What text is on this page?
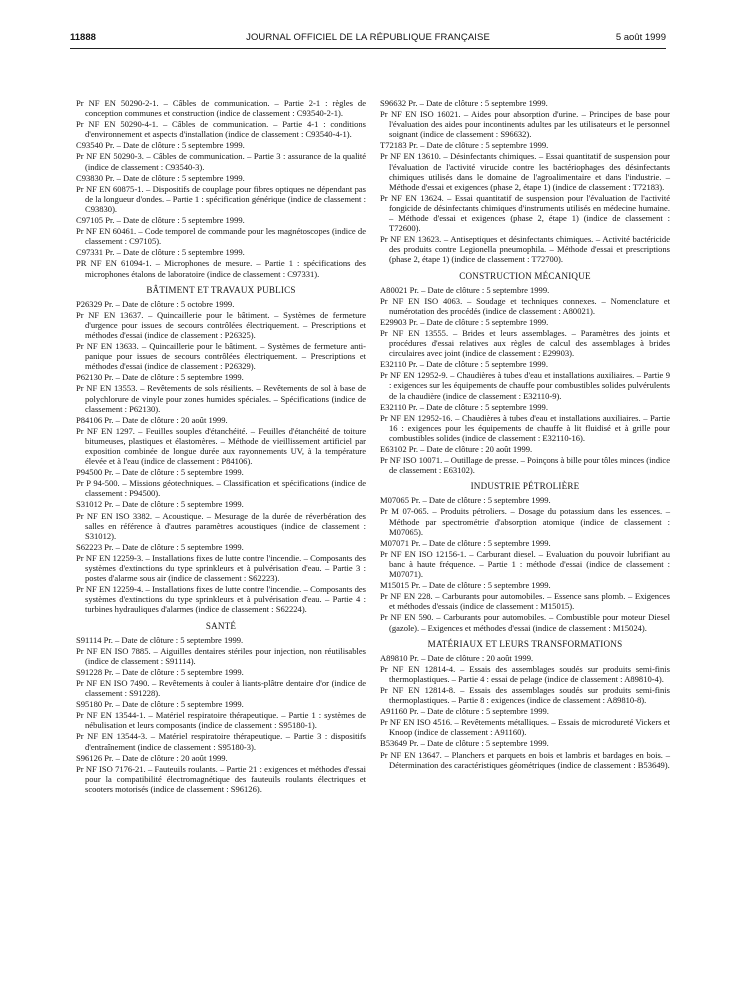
11888	JOURNAL OFFICIEL DE LA RÉPUBLIQUE FRANÇAISE	5 août 1999
Pr NF EN 50290-2-1. – Câbles de communication. – Partie 2-1 : règles de conception communes et construction (indice de classement : C93540-2-1).
Pr NF EN 50290-4-1. – Câbles de communication. – Partie 4-1 : conditions d'environnement et aspects d'installation (indice de classement : C93540-4-1).
C93540 Pr. – Date de clôture : 5 septembre 1999.
Pr NF EN 50290-3. – Câbles de communication. – Partie 3 : assurance de la qualité (indice de classement : C93540-3).
C93830 Pr. – Date de clôture : 5 septembre 1999.
Pr NF EN 60875-1. – Dispositifs de couplage pour fibres optiques ne dépendant pas de la longueur d'ondes. – Partie 1 : spécification générique (indice de classement : C93830).
C97105 Pr. – Date de clôture : 5 septembre 1999.
Pr NF EN 60461. – Code temporel de commande pour les magnétoscopes (indice de classement : C97105).
C97331 Pr. – Date de clôture : 5 septembre 1999.
PR NF EN 61094-1. – Microphones de mesure. – Partie 1 : spécifications des microphones étalons de laboratoire (indice de classement : C97331).
BÂTIMENT ET TRAVAUX PUBLICS
P26329 Pr. – Date de clôture : 5 octobre 1999.
Pr NF EN 13637. – Quincaillerie pour le bâtiment. – Systèmes de fermeture d'urgence pour issues de secours contrôlées électriquement. – Prescriptions et méthodes d'essai (indice de classement : P26325).
Pr NF EN 13633. – Quincaillerie pour le bâtiment. – Systèmes de fermeture anti-panique pour issues de secours contrôlées électriquement. – Prescriptions et méthodes d'essai (indice de classement : P26329).
P62130 Pr. – Date de clôture : 5 septembre 1999.
Pr NF EN 13553. – Revêtements de sols résilients. – Revêtements de sol à base de polychlorure de vinyle pour zones humides spéciales. – Spécifications (indice de classement : P62130).
P84106 Pr. – Date de clôture : 20 août 1999.
Pr NF EN 1297. – Feuilles souples d'étanchéité. – Feuilles d'étanchéité de toiture bitumeuses, plastiques et élastomères. – Méthode de vieillissement artificiel par exposition combinée de longue durée aux rayonnements UV, à la température élevée et à l'eau (indice de classement : P84106).
P94500 Pr. – Date de clôture : 5 septembre 1999.
Pr P 94-500. – Missions géotechniques. – Classification et spécifications (indice de classement : P94500).
S31012 Pr. – Date de clôture : 5 septembre 1999.
Pr NF EN ISO 3382. – Acoustique. – Mesurage de la durée de réverbération des salles en référence à d'autres paramètres acoustiques (indice de classement : S31012).
S62223 Pr. – Date de clôture : 5 septembre 1999.
Pr NF EN 12259-3. – Installations fixes de lutte contre l'incendie. – Composants des systèmes d'extinctions du type sprinkleurs et à pulvérisation d'eau. – Partie 3 : postes d'alarme sous air (indice de classement : S62223).
Pr NF EN 12259-4. – Installations fixes de lutte contre l'incendie. – Composants des systèmes d'extinctions du type sprinkleurs et à pulvérisation d'eau. – Partie 4 : turbines hydrauliques d'alarmes (indice de classement : S62224).
SANTÉ
S91114 Pr. – Date de clôture : 5 septembre 1999.
Pr NF EN ISO 7885. – Aiguilles dentaires stériles pour injection, non réutilisables (indice de classement : S91114).
S91228 Pr. – Date de clôture : 5 septembre 1999.
Pr NF EN ISO 7490. – Revêtements à couler à liants-plâtre dentaire d'or (indice de classement : S91228).
S95180 Pr. – Date de clôture : 5 septembre 1999.
Pr NF EN 13544-1. – Matériel respiratoire thérapeutique. – Partie 1 : systèmes de nébulisation et leurs composants (indice de classement : S95180-1).
Pr NF EN 13544-3. – Matériel respiratoire thérapeutique. – Partie 3 : dispositifs d'entraînement (indice de classement : S95180-3).
S96126 Pr. – Date de clôture : 20 août 1999.
Pr NF ISO 7176-21. – Fauteuils roulants. – Partie 21 : exigences et méthodes d'essai pour la compatibilité électromagnétique des fauteuils roulants électriques et scooters motorisés (indice de classement : S96126).
S96632 Pr. – Date de clôture : 5 septembre 1999.
Pr NF EN ISO 16021. – Aides pour absorption d'urine. – Principes de base pour l'évaluation des aides pour incontinents adultes par les utilisateurs et le personnel soignant (indice de classement : S96632).
T72183 Pr. – Date de clôture : 5 septembre 1999.
Pr NF EN 13610. – Désinfectants chimiques. – Essai quantitatif de suspension pour l'évaluation de l'activité virucide contre les bactériophages des désinfectants chimiques utilisés dans le domaine de l'agroalimentaire et dans l'industrie. – Méthode d'essai et exigences (phase 2, étape 1) (indice de classement : T72183).
Pr NF EN 13624. – Essai quantitatif de suspension pour l'évaluation de l'activité fongicide de désinfectants chimiques d'instruments utilisés en médecine humaine. – Méthode d'essai et exigences (phase 2, étape 1) (indice de classement : T72600).
Pr NF EN 13623. – Antiseptiques et désinfectants chimiques. – Activité bactéricide des produits contre Legionella pneumophila. – Méthode d'essai et prescriptions (phase 2, étape 1) (indice de classement : T72700).
CONSTRUCTION MÉCANIQUE
A80021 Pr. – Date de clôture : 5 septembre 1999.
Pr NF EN ISO 4063. – Soudage et techniques connexes. – Nomenclature et numérotation des procédés (indice de classement : A80021).
E29903 Pr. – Date de clôture : 5 septembre 1999.
Pr NF EN 13555. – Brides et leurs assemblages. – Paramètres des joints et procédures d'essai relatives aux règles de calcul des assemblages à brides circulaires avec joint (indice de classement : E29903).
E32110 Pr. – Date de clôture : 5 septembre 1999.
Pr NF EN 12952-9. – Chaudières à tubes d'eau et installations auxiliaires. – Partie 9 : exigences sur les équipements de chauffe pour combustibles solides pulvérulents de la chaudière (indice de classement : E32110-9).
E32110 Pr. – Date de clôture : 5 septembre 1999.
Pr NF EN 12952-16. – Chaudières à tubes d'eau et installations auxiliaires. – Partie 16 : exigences pour les équipements de chauffe à lit fluidisé et à grille pour combustibles solides (indice de classement : E32110-16).
E63102 Pr. – Date de clôture : 20 août 1999.
Pr NF ISO 10071. – Outillage de presse. – Poinçons à bille pour tôles minces (indice de classement : E63102).
INDUSTRIE PÉTROLIÈRE
M07065 Pr. – Date de clôture : 5 septembre 1999.
Pr M 07-065. – Produits pétroliers. – Dosage du potassium dans les essences. – Méthode par spectrométrie d'absorption atomique (indice de classement : M07065).
M07071 Pr. – Date de clôture : 5 septembre 1999.
Pr NF EN ISO 12156-1. – Carburant diesel. – Evaluation du pouvoir lubrifiant au banc à haute fréquence. – Partie 1 : méthode d'essai (indice de classement : M07071).
M15015 Pr. – Date de clôture : 5 septembre 1999.
Pr NF EN 228. – Carburants pour automobiles. – Essence sans plomb. – Exigences et méthodes d'essais (indice de classement : M15015).
Pr NF EN 590. – Carburants pour automobiles. – Combustible pour moteur Diesel (gazole). – Exigences et méthodes d'essai (indice de classement : M15024).
MATÉRIAUX ET LEURS TRANSFORMATIONS
A89810 Pr. – Date de clôture : 20 août 1999.
Pr NF EN 12814-4. – Essais des assemblages soudés sur produits semi-finis thermoplastiques. – Partie 4 : essai de pelage (indice de classement : A89810-4).
Pr NF EN 12814-8. – Essais des assemblages soudés sur produits semi-finis thermoplastiques. – Partie 8 : exigences (indice de classement : A89810-8).
A91160 Pr. – Date de clôture : 5 septembre 1999.
Pr NF EN ISO 4516. – Revêtements métalliques. – Essais de microdureté Vickers et Knoop (indice de classement : A91160).
B53649 Pr. – Date de clôture : 5 septembre 1999.
Pr NF EN 13647. – Planchers et parquets en bois et lambris et bardages en bois. – Détermination des caractéristiques géométriques (indice de classement : B53649).
